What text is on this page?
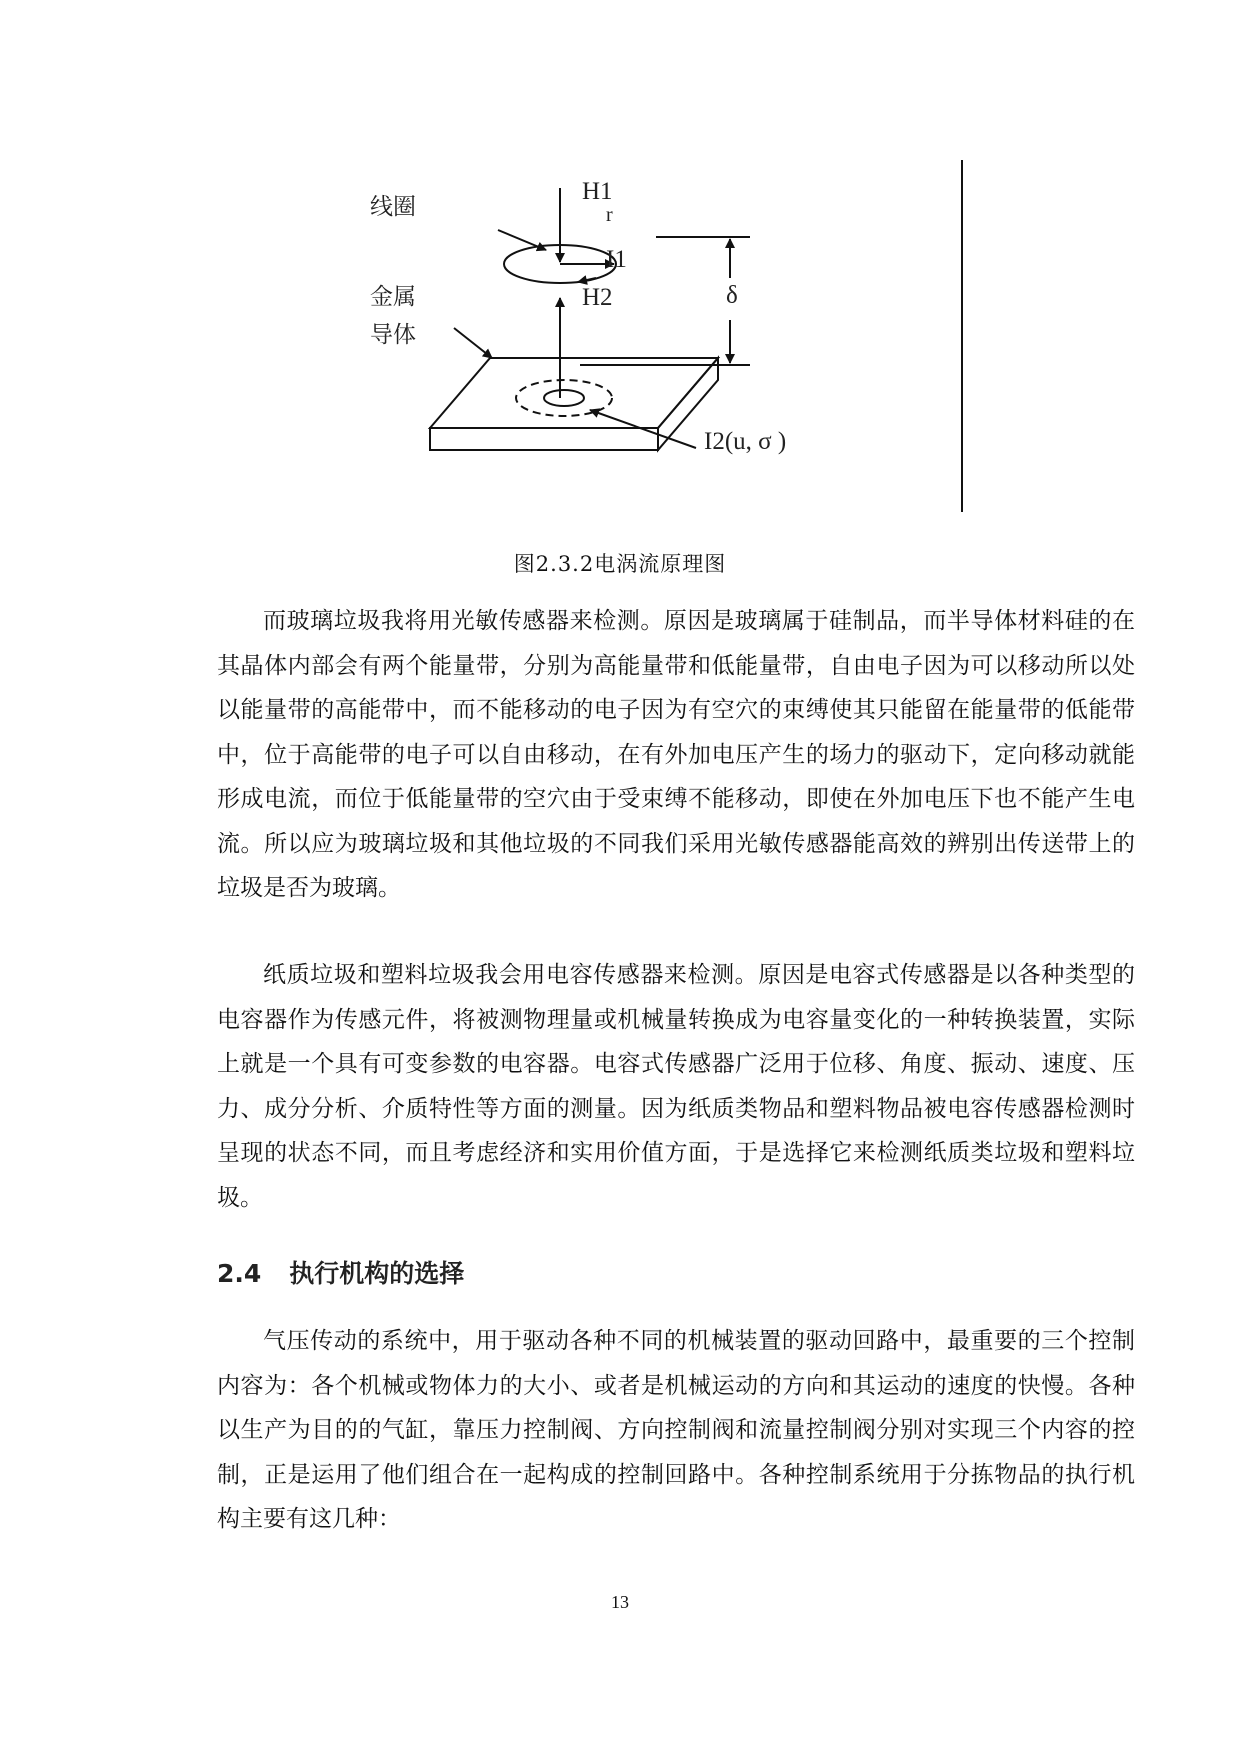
线圈
金属
导体
H1
r
I1
H2	δ
I2(u, σ )
图2.3.2电涡流原理图

而玻璃垃圾我将用光敏传感器来检测。原因是玻璃属于硅制品，而半导体材料硅的在其晶体内部会有两个能量带，分别为高能量带和低能量带，自由电子因为可以移动所以处以能量带的高能带中，而不能移动的电子因为有空穴的束缚使其只能留在能量带的低能带中，位于高能带的电子可以自由移动，在有外加电压产生的场力的驱动下，定向移动就能形成电流，而位于低能量带的空穴由于受束缚不能移动，即使在外加电压下也不能产生电流。所以应为玻璃垃圾和其他垃圾的不同我们采用光敏传感器能高效的辨别出传送带上的垃圾是否为玻璃。

纸质垃圾和塑料垃圾我会用电容传感器来检测。原因是电容式传感器是以各种类型的电容器作为传感元件，将被测物理量或机械量转换成为电容量变化的一种转换装置，实际上就是一个具有可变参数的电容器。电容式传感器广泛用于位移、角度、振动、速度、压力、成分分析、介质特性等方面的测量。因为纸质类物品和塑料物品被电容传感器检测时呈现的状态不同，而且考虑经济和实用价值方面，于是选择它来检测纸质类垃圾和塑料垃圾。

2.4 执行机构的选择

气压传动的系统中，用于驱动各种不同的机械装置的驱动回路中，最重要的三个控制内容为：各个机械或物体力的大小、或者是机械运动的方向和其运动的速度的快慢。各种以生产为目的的气缸，靠压力控制阀、方向控制阀和流量控制阀分别对实现三个内容的控制，正是运用了他们组合在一起构成的控制回路中。各种控制系统用于分拣物品的执行机构主要有这几种：

13
